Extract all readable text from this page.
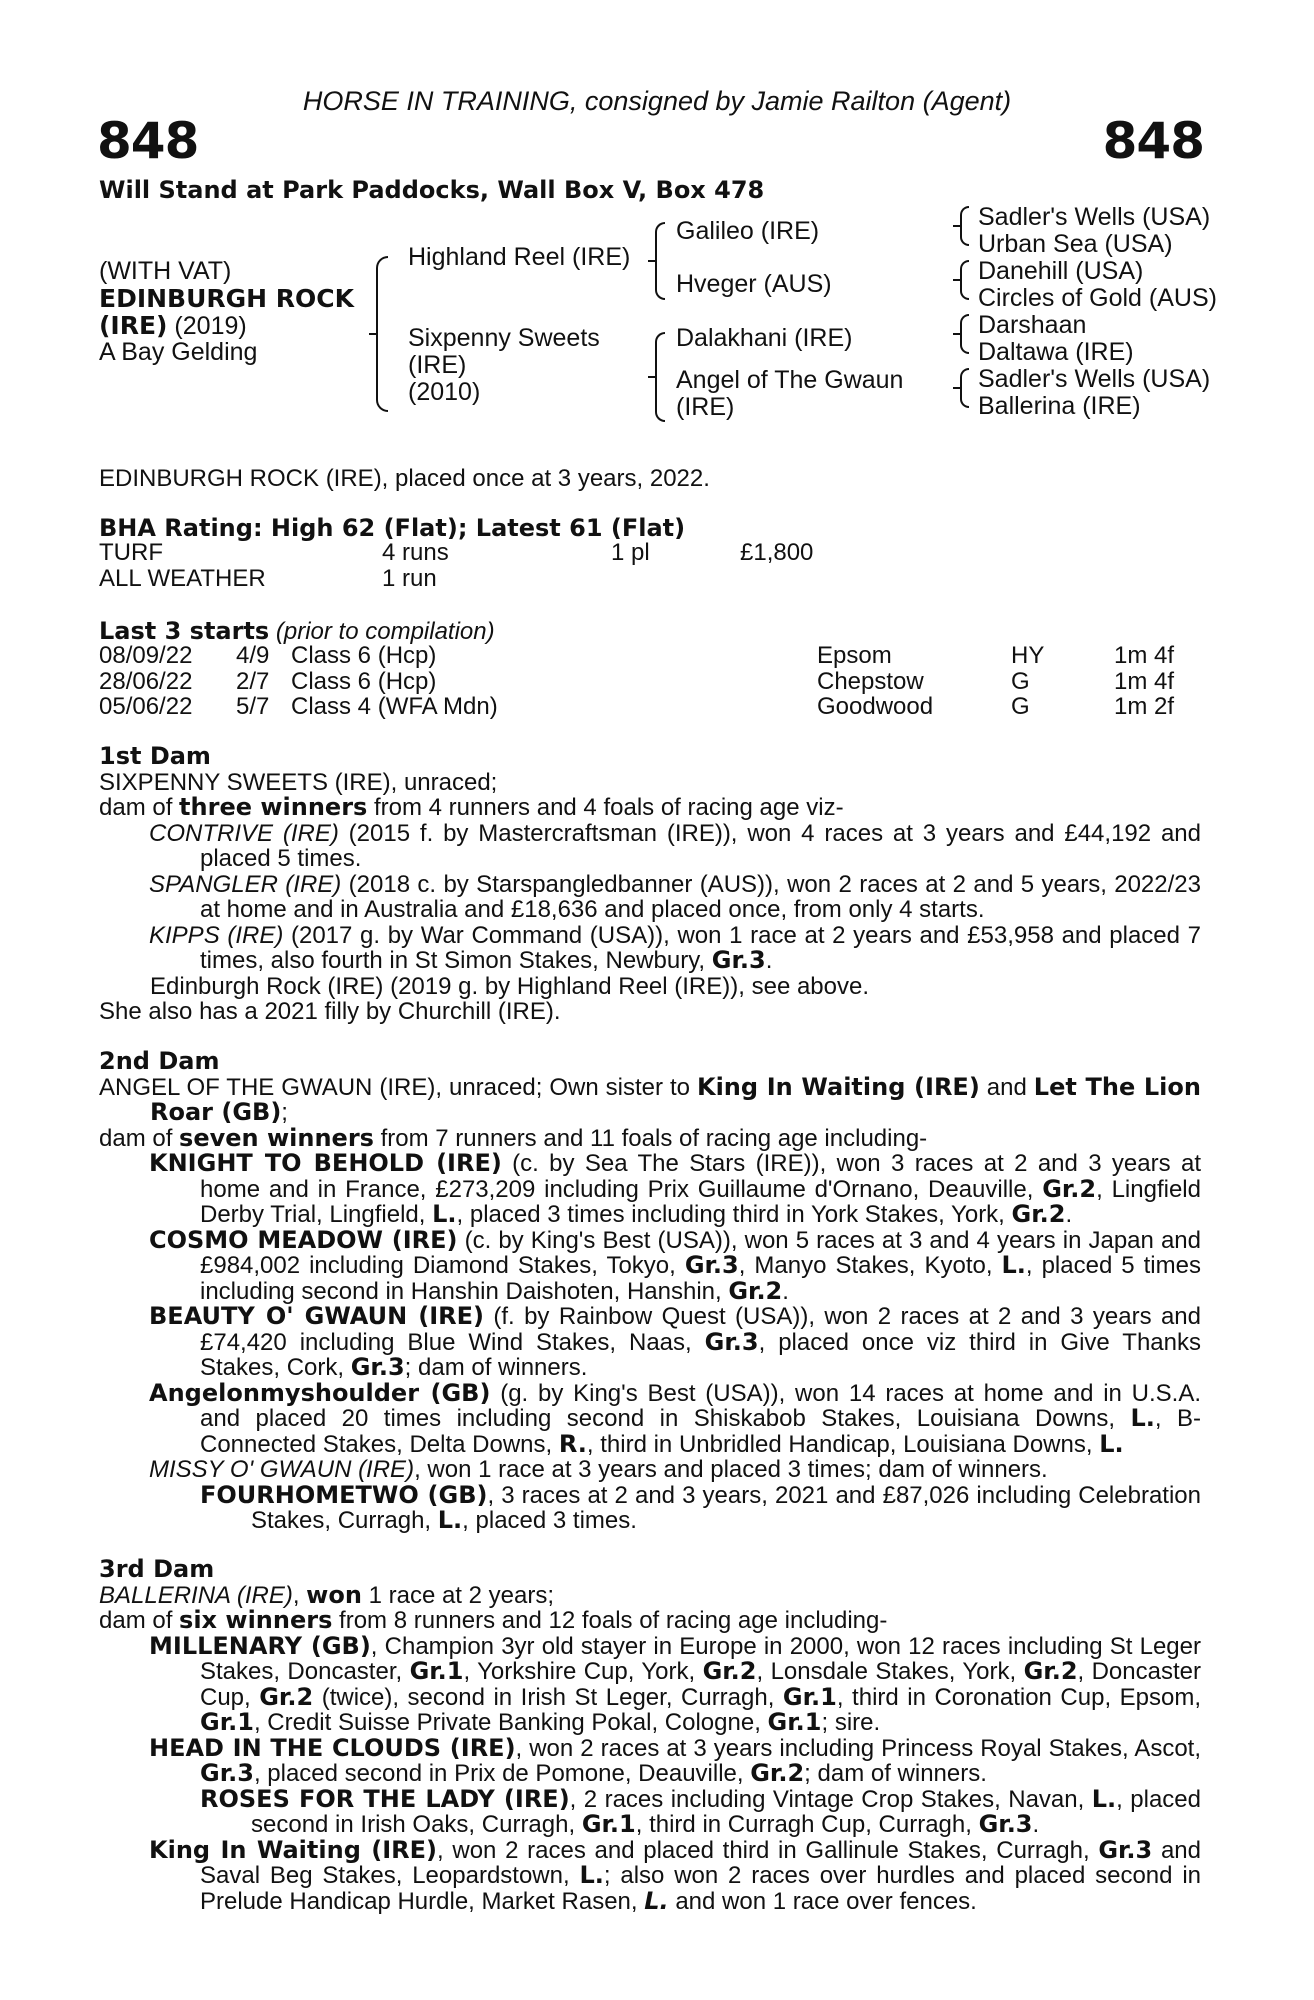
HORSE IN TRAINING, consigned by Jamie Railton (Agent)
848	848
Will Stand at Park Paddocks, Wall Box V, Box 478
(WITH VAT)
EDINBURGH ROCK
(IRE) (2019)
A Bay Gelding
Highland Reel (IRE)
Sixpenny Sweets
(IRE)
(2010)
Galileo (IRE)
Hveger (AUS)
Dalakhani (IRE)
Angel of The Gwaun
(IRE)
Sadler's Wells (USA)
Urban Sea (USA)
Danehill (USA)
Circles of Gold (AUS)
Darshaan
Daltawa (IRE)
Sadler's Wells (USA)
Ballerina (IRE)
EDINBURGH ROCK (IRE), placed once at 3 years, 2022.
BHA Rating: High 62 (Flat); Latest 61 (Flat)
TURF	4 runs	1 pl	£1,800
ALL WEATHER	1 run
Last 3 starts (prior to compilation)
08/09/22 4/9 Class 6 (Hcp)	Epsom	HY	1m 4f
28/06/22 2/7 Class 6 (Hcp)	Chepstow	G	1m 4f
05/06/22 5/7 Class 4 (WFA Mdn)	Goodwood	G	1m 2f

1st Dam

SIXPENNY SWEETS (IRE), unraced;

dam of three winners from 4 runners and 4 foals of racing age viz-

CONTRIVE (IRE) (2015 f. by Mastercraftsman (IRE)), won 4 races at 3 years and £44,192 and placed 5 times.

SPANGLER (IRE) (2018 c. by Starspangledbanner (AUS)), won 2 races at 2 and 5 years, 2022/23 at home and in Australia and £18,636 and placed once, from only 4 starts.

KIPPS (IRE) (2017 g. by War Command (USA)), won 1 race at 2 years and £53,958 and placed 7 times, also fourth in St Simon Stakes, Newbury, Gr.3.

Edinburgh Rock (IRE) (2019 g. by Highland Reel (IRE)), see above.

She also has a 2021 filly by Churchill (IRE).

2nd Dam

ANGEL OF THE GWAUN (IRE), unraced; Own sister to King In Waiting (IRE) and Let The Lion Roar (GB);

dam of seven winners from 7 runners and 11 foals of racing age including-

KNIGHT TO BEHOLD (IRE) (c. by Sea The Stars (IRE)), won 3 races at 2 and 3 years at home and in France, £273,209 including Prix Guillaume d'Ornano, Deauville, Gr.2, Lingfield Derby Trial, Lingfield, L., placed 3 times including third in York Stakes, York, Gr.2.

COSMO MEADOW (IRE) (c. by King's Best (USA)), won 5 races at 3 and 4 years in Japan and £984,002 including Diamond Stakes, Tokyo, Gr.3, Manyo Stakes, Kyoto, L., placed 5 times including second in Hanshin Daishoten, Hanshin, Gr.2.

BEAUTY O' GWAUN (IRE) (f. by Rainbow Quest (USA)), won 2 races at 2 and 3 years and £74,420 including Blue Wind Stakes, Naas, Gr.3, placed once viz third in Give Thanks Stakes, Cork, Gr.3; dam of winners.

Angelonmyshoulder (GB) (g. by King's Best (USA)), won 14 races at home and in U.S.A. and placed 20 times including second in Shiskabob Stakes, Louisiana Downs, L., B-Connected Stakes, Delta Downs, R., third in Unbridled Handicap, Louisiana Downs, L.

MISSY O' GWAUN (IRE), won 1 race at 3 years and placed 3 times; dam of winners.

FOURHOMETWO (GB), 3 races at 2 and 3 years, 2021 and £87,026 including Celebration Stakes, Curragh, L., placed 3 times.

3rd Dam

BALLERINA (IRE), won 1 race at 2 years;

dam of six winners from 8 runners and 12 foals of racing age including-

MILLENARY (GB), Champion 3yr old stayer in Europe in 2000, won 12 races including St Leger Stakes, Doncaster, Gr.1, Yorkshire Cup, York, Gr.2, Lonsdale Stakes, York, Gr.2, Doncaster Cup, Gr.2 (twice), second in Irish St Leger, Curragh, Gr.1, third in Coronation Cup, Epsom, Gr.1, Credit Suisse Private Banking Pokal, Cologne, Gr.1; sire.

HEAD IN THE CLOUDS (IRE), won 2 races at 3 years including Princess Royal Stakes, Ascot, Gr.3, placed second in Prix de Pomone, Deauville, Gr.2; dam of winners.

ROSES FOR THE LADY (IRE), 2 races including Vintage Crop Stakes, Navan, L., placed second in Irish Oaks, Curragh, Gr.1, third in Curragh Cup, Curragh, Gr.3.

King In Waiting (IRE), won 2 races and placed third in Gallinule Stakes, Curragh, Gr.3 and Saval Beg Stakes, Leopardstown, L.; also won 2 races over hurdles and placed second in Prelude Handicap Hurdle, Market Rasen, L. and won 1 race over fences.
